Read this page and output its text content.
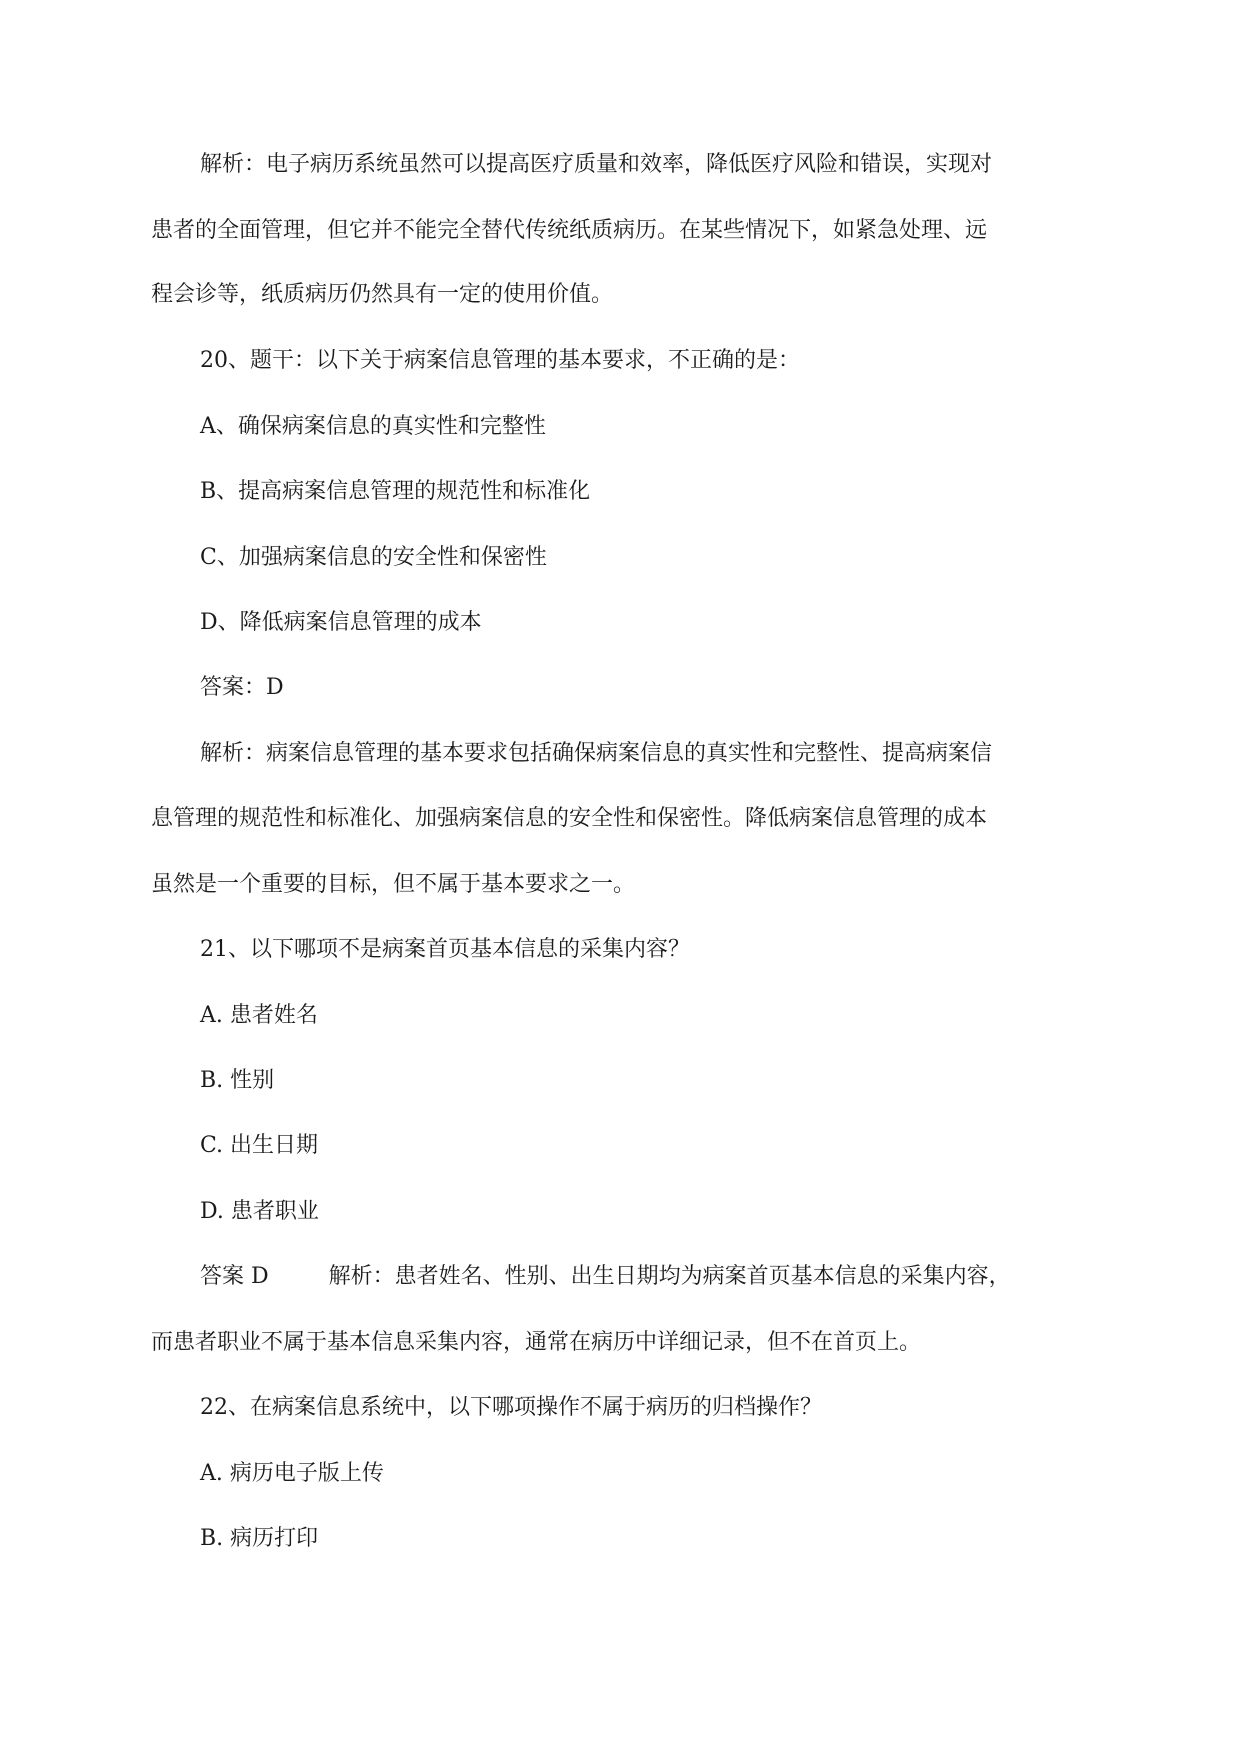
解析：电子病历系统虽然可以提高医疗质量和效率，降低医疗风险和错误，实现对
患者的全面管理，但它并不能完全替代传统纸质病历。在某些情况下，如紧急处理、远
程会诊等，纸质病历仍然具有一定的使用价值。
20、题干：以下关于病案信息管理的基本要求，不正确的是：
A、确保病案信息的真实性和完整性
B、提高病案信息管理的规范性和标准化
C、加强病案信息的安全性和保密性
D、降低病案信息管理的成本
答案：D
解析：病案信息管理的基本要求包括确保病案信息的真实性和完整性、提高病案信
息管理的规范性和标准化、加强病案信息的安全性和保密性。降低病案信息管理的成本
虽然是一个重要的目标，但不属于基本要求之一。
21、以下哪项不是病案首页基本信息的采集内容？
A. 患者姓名
B. 性别
C. 出生日期
D. 患者职业
答案 D	解析：患者姓名、性别、出生日期均为病案首页基本信息的采集内容，
而患者职业不属于基本信息采集内容，通常在病历中详细记录，但不在首页上。
22、在病案信息系统中，以下哪项操作不属于病历的归档操作？
A. 病历电子版上传
B. 病历打印
